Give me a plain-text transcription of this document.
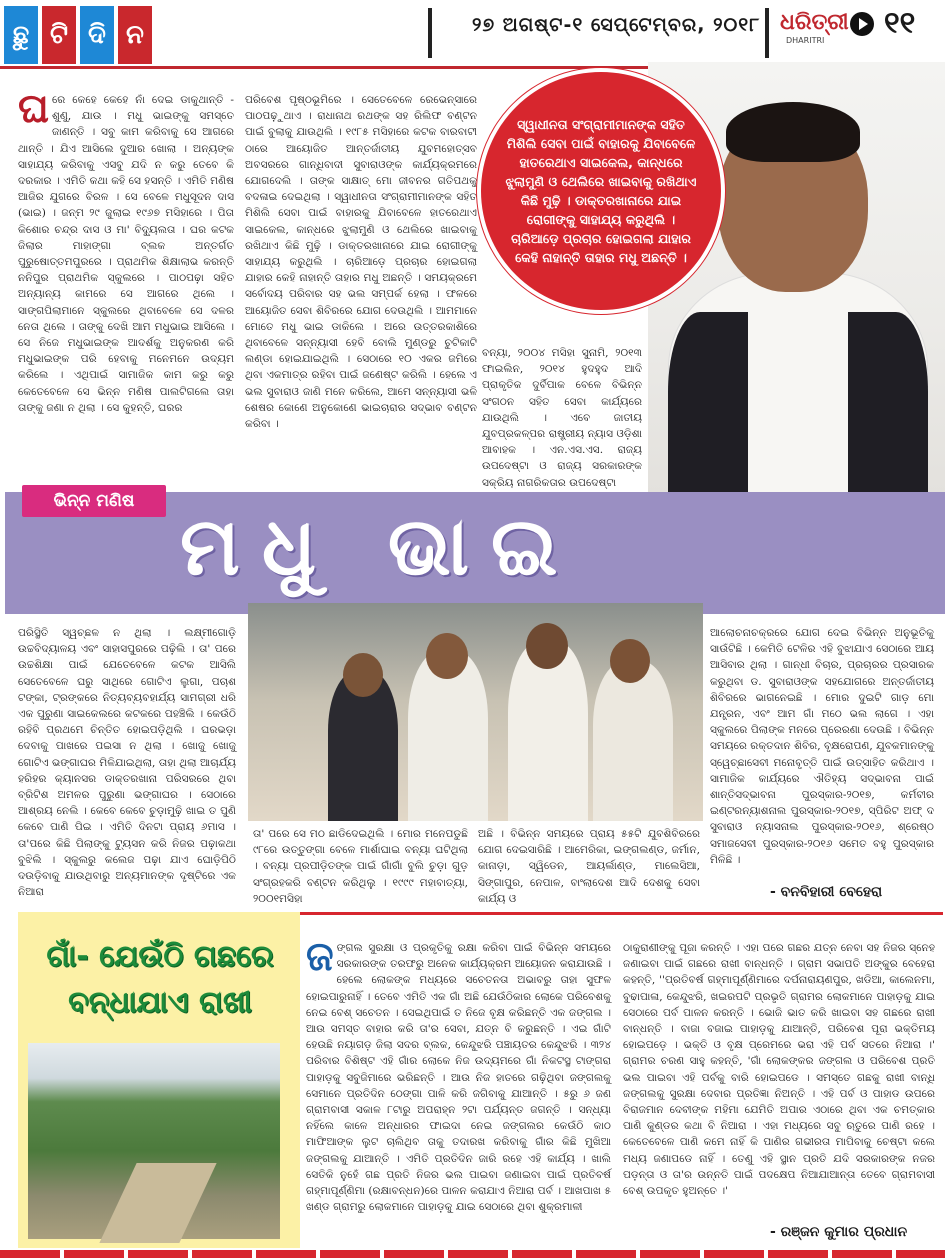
ଛୁ ଟି ଦି ନ	୨୭ ଅଗଷ୍ଟ-୧ ସେପ୍ଟେମ୍ବର, ୨୦୧୮ ଧରିତ୍ରୀ
DHARITRI ୧୧
ଘରେ କେହେ କେହେ ନାଁ ଦେଇ ଡାକୁଥାନ୍ତି - ଶୁଣୁ, ଯାଉ । ମଧୁ ଭାଇଙ୍କୁ ସମସ୍ତେ ଜାଣନ୍ତି । ସବୁ କାମ କରିବାକୁ ସେ ଆଗରେ ଥାନ୍ତି । ଯିଏ ଆସିଲେ ଦୁଆର ଖୋଲା । ଅନ୍ୟଙ୍କ ସାହାଯ୍ୟ କରିବାକୁ ଏସବୁ ଯଦି ନ କରୁ ତେବେ କି ଦରକାର । ଏମିତି କଥା କହି ସେ ହସନ୍ତି । ଏମିତି ମଣିଷ ଆଜିର ଯୁଗରେ ବିରଳ । ସେ ବେଳେ ମଧୁସୂଦନ ଦାସ (ଭାଇ) । ଜନ୍ମ ୨୯ ଜୁଲାଇ ୧୯୬୭ ମସିହାରେ । ପିତା କିଶୋର ଚନ୍ଦ୍ର ଦାସ ଓ ମା' ବିଦ୍ୟୁଲତା । ଘର କଟକ ଜିଲାର ମାହାଙ୍ଗା ବ୍ଲକ ଅନ୍ତର୍ଗତ ପୁରୁଷୋତ୍ତମପୁରରେ । ପ୍ରାଥମିକ ଶିକ୍ଷାଲାଭ କରନ୍ତି ନନିପୁର ପ୍ରାଥମିକ ସ୍କୁଲରେ । ପାଠପଢ଼ା ସହିତ ଅନ୍ୟାନ୍ୟ କାମରେ ସେ ଆଗରେ ଥିଲେ । ସାଙ୍ଗପିଲାମାନେ ସ୍କୁଲରେ ଥିବାବେଳେ ସେ ଦଳର ନେତା ଥିଲେ । ତାଙ୍କୁ ଦେଖି ଆମ ମଧୁଭାଇ ଆସିଲେ । ସେ ନିଜେ ମଧୁଭାଇଙ୍କ ଆଦର୍ଶକୁ ଅନୁକରଣ କରି ମଧୁଭାଇଙ୍କ ପରି ହେବାକୁ ମନେମନେ ଉଦ୍ୟମ କରିଲେ । ଏଥିପାଇଁ ସାମାଜିକ କାମ କରୁ କରୁ କେତେବେଳେ ସେ ଭିନ୍ନ ମଣିଷ ପାଲଟିଗଲେ ତାହା ତାଙ୍କୁ ଜଣା ନ ଥିଲା । ସେ କୁହନ୍ତି, ଘରର
ପରିବେଶ ପୃଷ୍ଠଭୂମିରେ । ସେତେବେଳେ ରେଭେନ୍ସାରେ ପାଠପଢ଼ୁଥାଏ । ରାଧାନାଥ ରଥଙ୍କ ସହ ରିଲିଫ ବଣ୍ଟନ ପାଇଁ ବୁଲାକୁ ଯାଉଥିଲି । ୧୯୮୫ ମସିହାରେ କଟକ ବାରବାଟୀ ଠାରେ ଆୟୋଜିତ ଆନ୍ତର୍ଜାତୀୟ ଯୁବମହୋତ୍ସବ ଅବସରରେ ଗାନ୍ଧିବାଦୀ ସୁବାରାଓଙ୍କ କାର୍ଯ୍ୟକ୍ରମରେ ଯୋଗଦେଲି । ତାଙ୍କ ସାକ୍ଷାତ୍ ମୋ ଜୀବନର ଗତିପଥକୁ ବଦଳାଇ ଦେଇଥିଲା । ସ୍ୱାଧୀନତା ସଂଗ୍ରାମୀମାନଙ୍କ ସହିତ ମିଶିଲି ସେବା ପାଇଁ ବାହାରକୁ ଯିବାବେଳେ ହାତରେଥାଏ ସାଇକେଲ, କାନ୍ଧରେ ଝୁଲାମୁଣି ଓ ଥେଲିରେ ଖାଇବାକୁ ରଖିଥାଏ କିଛି ମୁଢ଼ି । ଡାକ୍ତରଖାନାରେ ଯାଇ ରୋଗୀଙ୍କୁ ସାହାଯ୍ୟ କରୁଥିଲି । ଚାରିଆଡ଼େ ପ୍ରଚାର ହୋଇଗଲା ଯାହାର କେହି ନାହାନ୍ତି ତାହାର ମଧୁ ଅଛନ୍ତି । ସମୟକ୍ରମେ ସର୍ବୋଦୟ ପରିବାର ସହ ଭଲ ସମ୍ପର୍କ ହେଲା । ଫଳରେ ଆୟୋଜିତ ସେବା ଶିବିରରେ ଯୋଗ ଦେଉଥିଲି । ଆମମାନେ ମୋତେ ମଧୁ ଭାଇ ଡାକିଲେ । ଅରେ ଉତ୍ତରକାଶିରେ ଥିବାବେଳେ ସନ୍ନ୍ୟାସୀ ହେବି ବୋଲି ମୁଣ୍ଡରୁ ଚୁଟିକାଟି ଲଣ୍ଡା ହୋଇଯାଇଥିଲି । ସେଠାରେ ୧୦ ଏକର ଜମିରେ ଥିବା ଏକମାତ୍ର ରହିବା ପାଇଁ ଜଣେଷ୍ଟ କରିଲି । ହେଲେ ଏ ଭଲ ସୁବାରାଓ ଜାଣି ମନେ କରିଲେ, ଆମେ ସନ୍ନ୍ୟାସୀ ଭଳି ଶେଷର କୋଣେ ଅନୁକୋଣେ ଭାଇଚାରାର ସଦ୍ଭାବ ବଣ୍ଟନ କରିବା ।
ସ୍ୱାଧୀନତା ସଂଗ୍ରାମୀମାନଙ୍କ ସହିତ ମିଶିଲି ସେବା ପାଇଁ ବାହାରକୁ ଯିବାବେଳେ ହାତରେଥାଏ ସାଇକେଲ, କାନ୍ଧରେ ଝୁଲାମୁଣି ଓ ଥେଲିରେ ଖାଇବାକୁ ରଖିଥାଏ କିଛି ମୁଢ଼ି । ଡାକ୍ତରଖାନାରେ ଯାଇ ରୋଗୀଙ୍କୁ ସାହାଯ୍ୟ କରୁଥିଲି । ଚାରିଆଡ଼େ ପ୍ରଚାର ହୋଇଗଲା ଯାହାର କେହି ନାହାନ୍ତି ତାହାର ମଧୁ ଅଛନ୍ତି ।
ବନ୍ୟା, ୨୦୦୪ ମସିହା ସୁନାମି, ୨୦୧୩ ଫାଇଲିନ, ୨୦୧୪ ହୁଦହୁଦ ଆଦି ପ୍ରାକୃତିକ ଦୁର୍ବିପାକ ବେଳେ ବିଭିନ୍ନ ସଂଗଠନ ସହିତ ସେବା କାର୍ଯ୍ୟରେ ଯାଉଥିଲି । ଏବେ ଜାତୀୟ ଯୁବପ୍ରକଳ୍ପର ରାଷ୍ଟ୍ରୀୟ ନ୍ୟାସ ଓଡ଼ିଶା ଆବାହକ । ଏନ.ଏସ.ଏସ. ରାଜ୍ୟ ଉପଦେଷ୍ଟା ଓ ରାଜ୍ୟ ସରକାରଙ୍କ ସକ୍ରିୟ ନାଗରିକତାର ଉପଦେଷ୍ଟା
ଭିନ୍ନ ମଣିଷ ମଧୁ ଭାଇ
ପରିସ୍ଥିତି ସ୍ୱଚ୍ଛଳ ନ ଥିଲା । ଲକ୍ଷ୍ମୀଗୋଡ଼ି ଉଚ୍ଚବିଦ୍ୟାଳୟ ଏବଂ ସାହାସପୁରରେ ପଢ଼ିଲି । ତା' ପରେ ଉଚ୍ଚଶିକ୍ଷା ପାଇଁ ଯେତେବେଳେ କଟକ ଆସିଲି ସେତେବେଳେ ଘରୁ ସାଥିରେ ଗୋଟିଏ ଲୁଗା, ପଚାଶ ଟଙ୍କା, ଟ୍ରଙ୍କରେ ନିତ୍ୟବ୍ୟବହାର୍ଯ୍ୟ ସାମଗ୍ରୀ ଧରି ଏକ ପୁରୁଣା ସାଇକେଲରେ କଟକରେ ପହଞ୍ଚିଲି । କେଉଁଠି ରହିବି ପ୍ରଥମେ ଚିନ୍ତିତ ହୋଇପଡ଼ିଥିଲି । ଘରଭଡ଼ା ଦେବାକୁ ପାଖରେ ପଇସା ନ ଥିଲା । ଖୋଜୁ ଖୋଜୁ ଗୋଟିଏ ଭଙ୍ଗାଘର ମିଳିଯାଇଥିଲା, ତାହା ଥିଲା ଆଚାର୍ଯ୍ୟ ହରିହର କ୍ୟାନସର ଡାକ୍ତରଖାନା ପରିସରରେ ଥିବା ବ୍ରିଟିଶ ଅମଳର ପୁରୁଣା ଭଙ୍ଗାଘର । ସେଠାରେ ଆଶ୍ରୟ ନେଲି । କେବେ କେବେ ଚୁଡ଼ାମୁଢ଼ି ଖାଇ ତ ପୁଣି କେବେ ପାଣି ପିଇ । ଏମିତି ଦିନଟା ପ୍ରାୟ ୬ମାସ । ତା'ପରେ କିଛି ପିଲାଙ୍କୁ ଟ୍ୟୁସନ କରି ନିଜର ପଢ଼ାକଥା ବୁଝିଲି । ସ୍କୁଲରୁ କଲେଜ ପଢ଼ା ଯାଏ ଘୋଡ଼ିପିଠି ଦଉଡ଼ିବାକୁ ଯାଉଥିବାରୁ ଅନ୍ୟମାନଙ୍କ ଦୃଷ୍ଟିରେ ଏକ ନିଆରା
ତା' ପରେ ସେ ମଠ ଛାଡିଦେଇଥିଲି । ମୋର ମନେପଡୁଛି ୯୮ରେ ଉତ୍ତୁଙ୍ଗା ବେଳେ ମାର୍ଶାଘାଇ ବନ୍ୟା ଘଟିଥିଲା । ବନ୍ୟା ପ୍ରପୀଡ଼ିତଙ୍କ ପାଇଁ ଗାଁଗାଁ ବୁଲି ଚୁଡ଼ା ଗୁଡ଼ ସଂଗ୍ରହକରି ବଣ୍ଟନ କରିଥିଲୁ । ୧୯୯୯ ମହାବାତ୍ୟା, ୨୦୦୧ମସିହା
ଅଛି । ବିଭିନ୍ନ ସମୟରେ ପ୍ରାୟ ୫୫ଟି ଯୁବଶିବିରରେ ଯୋଗ ଦେଇସାରିଛି । ଆମେରିକା, ଇଙ୍ଗଲଣ୍ଡ, ଜର୍ମାନ, କାନାଡ଼ା, ସ୍ୱିଡେନ, ଆୟର୍ଲାଣ୍ଡ, ମାଲେସିଆ, ସିଙ୍ଗାପୁର, ନେପାଳ, ବାଂଲାଦେଶ ଆଦି ଦେଶକୁ ସେବା କାର୍ଯ୍ୟ ଓ
ଆଲୋଚନାଚକ୍ରରେ ଯୋଗ ଦେଇ ବିଭିନ୍ନ ଅନୁଭୂତିକୁ ସାଉଁଟିଛି । କେମିତି ଟେଳିର ଏହି ବୁଝାଯାଏ ସେଠାରେ ଆୟ ଆସିବାର ଥିଲା । ଗାନ୍ଧୀ ବିଚାର, ପ୍ରଚାରର ପ୍ରସାରକ କରୁଥିବା ଡ. ସୁବାରାଓଙ୍କ ସହଯୋଗରେ ଅନ୍ତର୍ଜାତୀୟ ଶିବିରରେ ଭାଗନେଇଛି । ମୋର ଦୁଇଟି ଗାଡ଼ ମୋ ଯନ୍ତ୍ରନ, ଏବଂ ଆମ ଗାଁ ମଠେ ଭଲ ଲାଗେ । ଏହା ସ୍କୁଲରେ ପିଲାଙ୍କ ମନରେ ପ୍ରେରଣା ଦେଉଛି । ବିଭିନ୍ନ ସମୟରେ ରକ୍ତଦାନ ଶିବିର, ବୃକ୍ଷରୋପଣ, ଯୁବକମାନଙ୍କୁ ସ୍ୱେଚ୍ଛାସେବୀ ମନୋବୃତ୍ତି ପାଇଁ ଉତ୍ସାହିତ କରିଥାଏ । ସାମାଜିକ କାର୍ଯ୍ୟରେ ଐତିହ୍ୟ ସଦ୍ଭାବନା ପାଇଁ ଶାନ୍ତିସଦ୍ଭାବନା ପୁରସ୍କାର-୨୦୧୭, କର୍ମବୀର ଇଣ୍ଟରନ୍ୟାଶନାଲ ପୁରସ୍କାର-୨୦୧୭, ସ୍ପିରିଟ ଅଫ୍ ଦ ସୁବାରାଓ ନ୍ୟାସନାଲ ପୁରସ୍କାର-୨୦୧୬, ଶ୍ରେଷ୍ଠ ସମାଜସେବୀ ପୁରସ୍କାର-୨୦୧୬ ସମେତ ବହୁ ପୁରସ୍କାର ମିଳିଛି ।
- ବନବିହାରୀ ବେହେରା
ଗାଁ- ଯେଉଁଠି ଗଛରେ
ବନ୍ଧାଯାଏ ରାଖୀ
ଜଙ୍ଗଲ ସୁରକ୍ଷା ଓ ପ୍ରକୃତିକୁ ରକ୍ଷା କରିବା ପାଇଁ ବିଭିନ୍ନ ସମୟରେ ସରକାରଙ୍କ ତରଫରୁ ଅନେକ କାର୍ଯ୍ୟକ୍ରମ ଆୟୋଜନ କରାଯାଉଛି । ହେଲେ ଲୋକଙ୍କ ମଧ୍ୟରେ ସଚେତନତା ଅଭାବରୁ ତାହା ସୁଫଳ ହୋଇପାରୁନାହିଁ । ତେବେ ଏମିତି ଏକ ଗାଁ ଅଛି ଯେଉଁଠିକାର ଲୋକେ ପରିବେଶକୁ ନେଇ ବେଶ୍ ସଚେତନ । ସେଇଥିପାଇଁ ତ ନିଜେ ବୃକ୍ଷ କରିଛନ୍ତି ଏକ ଜଙ୍ଗଲ । ଆଉ ସମସ୍ତ ବାହାର କରି ତା'ର ସେବା, ଯତ୍ନ ବି କରୁଛନ୍ତି । ଏଇ ଗାଁଟି ହେଉଛି ନୟାଗଡ଼ ଜିଲା ସଦର ବ୍ଲକ, କେନ୍ଦୁଝରି ପଞ୍ଚାୟତର କେନ୍ଦୁଝରି । ୩୨୪ ପରିବାର ବିଶିଷ୍ଟ ଏହି ଗାଁର ଲୋକେ ନିଜ ଉଦ୍ୟମରେ ଗାଁ ନିକଟସ୍ଥ ଟାଙ୍ଗରା ପାହାଡ଼କୁ ସବୁଜିମାରେ ଭରିଛନ୍ତି । ଆଉ ନିଜ ହାତରେ ଗଢ଼ିଥିବା ଜଙ୍ଗଲକୁ ସେମାନେ ପ୍ରତିଦିନ ଠେଙ୍ଗା ପାଳି କରି ଜଗିବାକୁ ଯାଆନ୍ତି । ୫ରୁ ୬ ଜଣ ଗ୍ରାମବାସୀ ସକାଳ ୮ଟାରୁ ଅପରାହ୍ନ ୨ଟା ପର୍ଯ୍ୟନ୍ତ ଜଗନ୍ତି । ସନ୍ଧ୍ୟା ନହିଁଲେ କାଳେ ଅନ୍ଧାରର ଫାଇଦା ନେଇ ଜଙ୍ଗଲର କେଉଁଠି କାଠ ମାଫିଆଙ୍କ ଲୁଟ ଚାଲିଥିବ ତାକୁ ତଦାରଖ କରିବାକୁ ଗାଁର କିଛି ମୁଖିଆ ଜଙ୍ଗଲକୁ ଯାଆନ୍ତି । ଏମିତି ପ୍ରତିଦିନ ଜାରି ରହେ ଏହି କାର୍ଯ୍ୟ । ଖାଲି ସେତିକି ନୁହେଁ ଗଛ ପ୍ରତି ନିଜର ଭଲ ପାଇବା ଜଣାଇବା ପାଇଁ ପ୍ରତିବର୍ଷ ଗହ୍ମାପୂର୍ଣ୍ଣିମା (ରକ୍ଷାବନ୍ଧନ)ରେ ପାଳନ କରାଯାଏ ନିଆରା ପର୍ବ । ଆଖପାଖ ୫ ଖଣ୍ଡ ଗ୍ରାମରୁ ଲୋକମାନେ ପାହାଡ଼କୁ ଯାଇ ସେଠାରେ ଥିବା ଶୁକ୍ରମାଳୀ
ଠାକୁରାଣୀଙ୍କୁ ପୂଜା କରନ୍ତି । ଏହା ପରେ ଗଛର ଯତ୍ନ ନେବା ସହ ନିଜର ସ୍ନେହ ଜଣାଇବା ପାଇଁ ଗଛରେ ରାଖୀ ବାନ୍ଧନ୍ତି । ଗ୍ରାମ ସଭାପତି ଅଙ୍କୁର ବେହେରା କହନ୍ତି, ''ପ୍ରତିବର୍ଷ ଗହ୍ମାପୂର୍ଣ୍ଣିମାରେ ଦର୍ପନାରାୟଣପୁର, ଖଡିଆ, କାଲେନମା, ବୁଢାପାଳା, କେନ୍ଦୁଝରି, ଖଇରପଟି ପ୍ରଭୃତି ଗ୍ରାମର ଲୋକମାନେ ପାହାଡ଼କୁ ଯାଇ ସେଠାରେ ପର୍ବ ପାଳନ କରନ୍ତି । ଭୋଜି ଭାତ କରି ଖାଇବା ସହ ଗଛରେ ରାଖୀ ବାନ୍ଧନ୍ତି । ବାଜା ବଜାଇ ପାହାଡ଼କୁ ଯାଆନ୍ତି, ପରିବେଶ ପୂରା ଭକ୍ତିମୟ ହୋଇପଡ଼େ । ଭକ୍ତି ଓ ବୃକ୍ଷ ପ୍ରେମରେ ଭରା ଏହି ପର୍ବ ସତରେ ନିଆରା ।' ଗ୍ରାମର ଚରଣ ସାହୁ କହନ୍ତି, 'ଗାଁ ଲୋକଙ୍କର ଜଙ୍ଗଲ ଓ ପରିବେଶ ପ୍ରତି ଭଲ ପାଇବା ଏହି ପର୍ବକୁ ବାରି ହୋଇପଡେ । ସମସ୍ତେ ଗଛକୁ ରାଖୀ ବାନ୍ଧି ଜଙ୍ଗଲକୁ ସୁରକ୍ଷା ଦେବାର ପ୍ରତିଜ୍ଞା ନିଅନ୍ତି । ଏହି ପର୍ବ ଓ ପାହାଡ ଉପରେ ବିରାଜମାନ ଦେବୀଙ୍କ ମହିମା ଯେମିତି ଅପାର ଏଠାରେ ଥିବା ଏକ ଚମତ୍କାର ପାଣି କୁଣ୍ଡର କଥା ବି ନିଆରା । ଏହା ମଧ୍ୟରେ ସବୁ ଋତୁରେ ପାଣି ରହେ । କେତେବେଳେ ପାଣି କମେ ନାହିଁ କି ପାଣିର ଗଭୀରତା ମାପିବାକୁ ଚେଷ୍ଟା କଲେ ମଧ୍ୟ ଜଣାପଡେ ନାହିଁ । ତେଣୁ ଏହି ସ୍ଥାନ ପ୍ରତି ଯଦି ସରକାରଙ୍କ ନଜର ପଡ଼ନ୍ତା ଓ ତା'ର ଉନ୍ନତି ପାଇଁ ପଦକ୍ଷେପ ନିଆଯାଆନ୍ତା ତେବେ ଗ୍ରାମବାସୀ ବେଶ୍ ଉପକୃତ ହୁଅନ୍ତେ ।'
- ରଞ୍ଜନ କୁମାର ପ୍ରଧାନ
